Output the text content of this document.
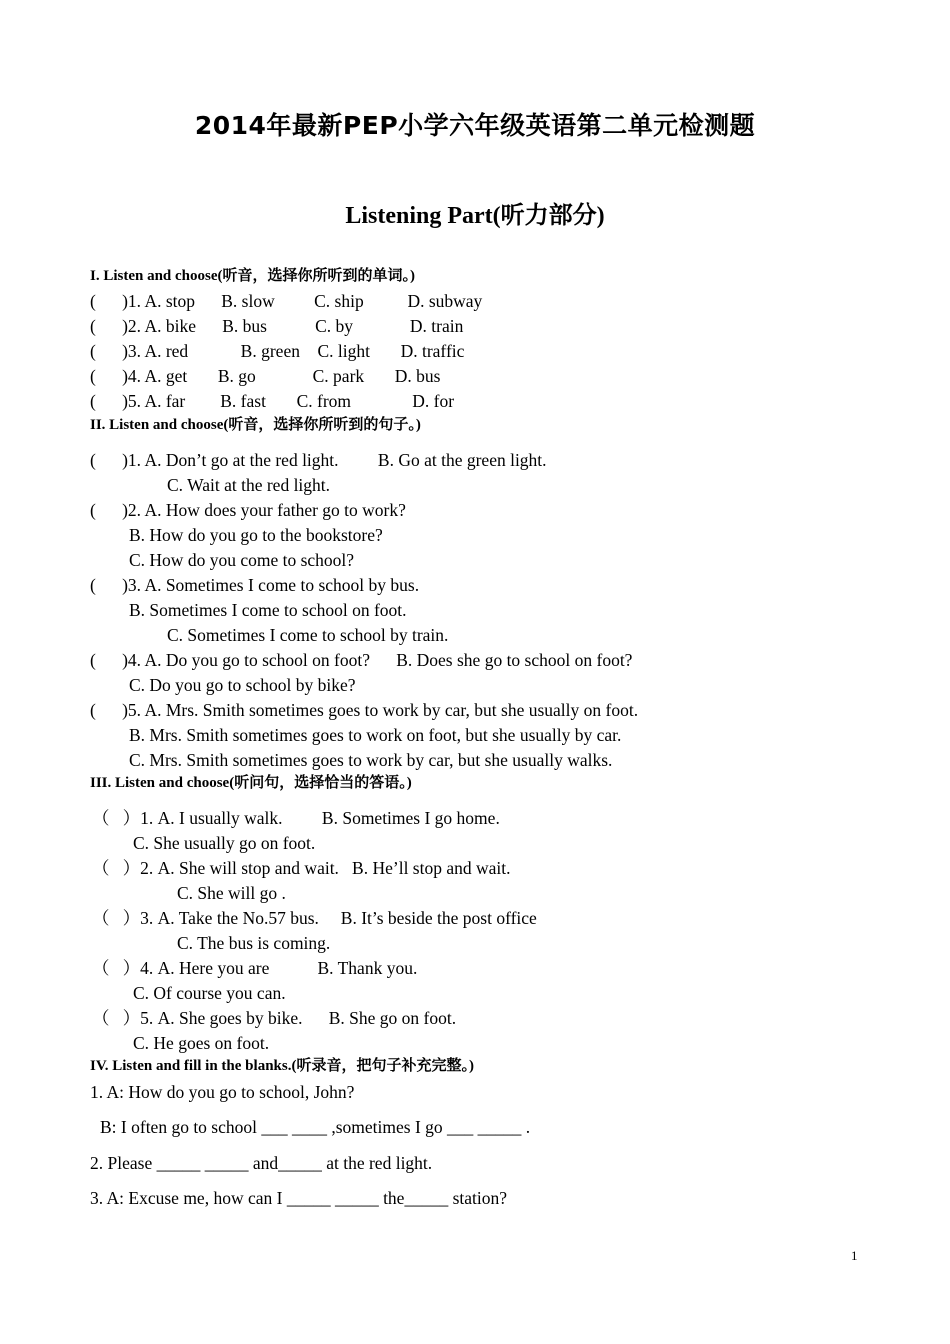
2014年最新PEP小学六年级英语第二单元检测题
Listening Part(听力部分)
I. Listen and choose(听音，选择你所听到的单词。)
(      )1. A. stop      B. slow         C. ship          D. subway
(      )2. A. bike      B. bus           C. by             D. train
(      )3. A. red            B. green    C. light       D. traffic
(      )4. A. get       B. go             C. park       D. bus
(      )5. A. far        B. fast       C. from              D. for
II. Listen and choose(听音，选择你所听到的句子。)
(      )1. A. Don’t go at the red light.         B. Go at the green light.
C. Wait at the red light.
(      )2. A. How does your father go to work?
B. How do you go to the bookstore?
C. How do you come to school?
(      )3. A. Sometimes I come to school by bus.
B. Sometimes I come to school on foot.
C. Sometimes I come to school by train.
(      )4. A. Do you go to school on foot?      B. Does she go to school on foot?
C. Do you go to school by bike?
(      )5. A. Mrs. Smith sometimes goes to work by car, but she usually on foot.
B. Mrs. Smith sometimes goes to work on foot, but she usually by car.
C. Mrs. Smith sometimes goes to work by car, but she usually walks.
III. Listen and choose(听问句，选择恰当的答语。)
（   ）1. A. I usually walk.         B. Sometimes I go home.
C. She usually go on foot.
（   ）2. A. She will stop and wait.   B. He’ll stop and wait.
C. She will go .
（   ）3. A. Take the No.57 bus.     B. It’s beside the post office
C. The bus is coming.
（   ）4. A. Here you are           B. Thank you.
C. Of course you can.
（   ）5. A. She goes by bike.      B. She go on foot.
C. He goes on foot.
IV. Listen and fill in the blanks.(听录音，把句子补充完整。)
1. A: How do you go to school, John?
B: I often go to school ___ ____ ,sometimes I go ___ _____ .
2. Please _____ _____ and_____ at the red light.
3. A: Excuse me, how can I _____ _____ the_____ station?
1
